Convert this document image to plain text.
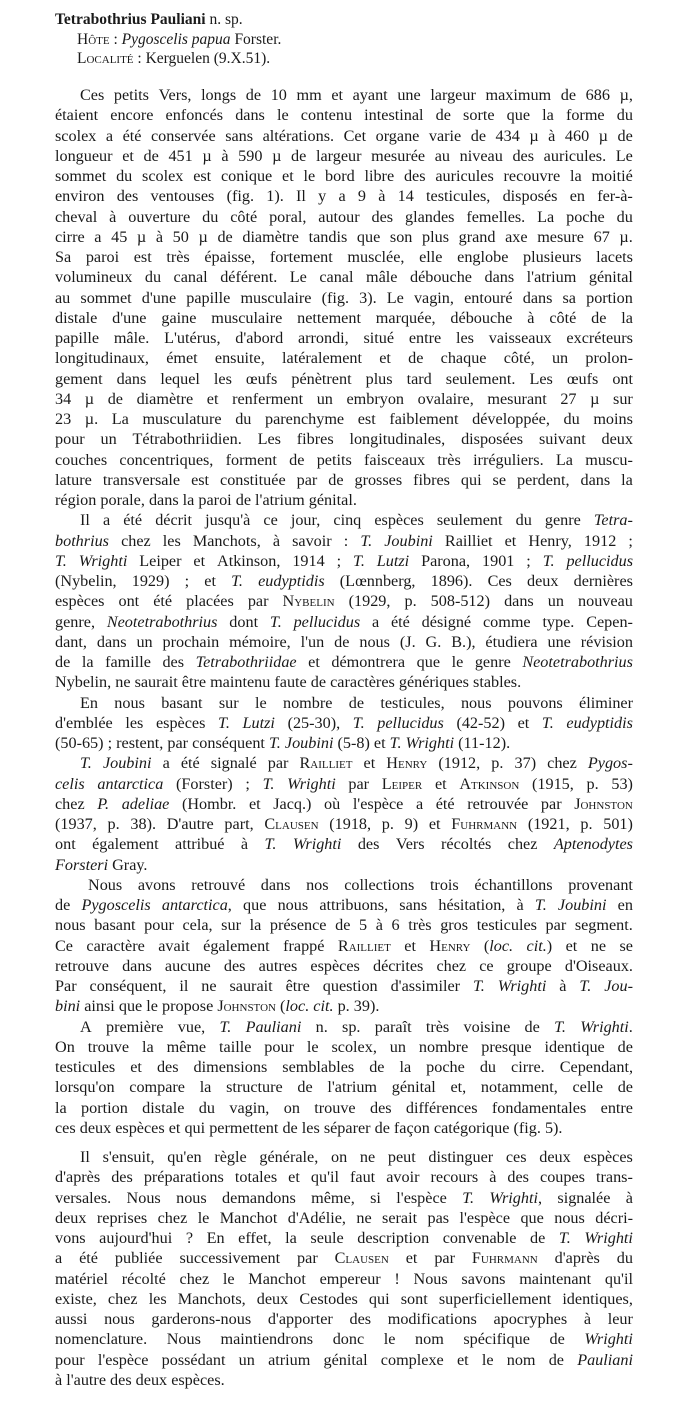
Tetrabothrius Pauliani n. sp.
Hôte : Pygoscelis papua Forster.
Localité : Kerguelen (9.X.51).
Ces petits Vers, longs de 10 mm et ayant une largeur maximum de 686 µ,
étaient encore enfoncés dans le contenu intestinal de sorte que la forme du
scolex a été conservée sans altérations. Cet organe varie de 434 µ à 460 µ de
longueur et de 451 µ à 590 µ de largeur mesurée au niveau des auricules. Le
sommet du scolex est conique et le bord libre des auricules recouvre la moitié
environ des ventouses (fig. 1). Il y a 9 à 14 testicules, disposés en fer-à-
cheval à ouverture du côté poral, autour des glandes femelles. La poche du
cirre a 45 µ à 50 µ de diamètre tandis que son plus grand axe mesure 67 µ.
Sa paroi est très épaisse, fortement musclée, elle englobe plusieurs lacets
volumineux du canal déférent. Le canal mâle débouche dans l'atrium génital
au sommet d'une papille musculaire (fig. 3). Le vagin, entouré dans sa portion
distale d'une gaine musculaire nettement marquée, débouche à côté de la
papille mâle. L'utérus, d'abord arrondi, situé entre les vaisseaux excréteurs
longitudinaux, émet ensuite, latéralement et de chaque côté, un prolon-
gement dans lequel les œufs pénètrent plus tard seulement. Les œufs ont
34 µ de diamètre et renferment un embryon ovalaire, mesurant 27 µ sur
23 µ. La musculature du parenchyme est faiblement développée, du moins
pour un Tétrabothriidien. Les fibres longitudinales, disposées suivant deux
couches concentriques, forment de petits faisceaux très irréguliers. La muscu-
lature transversale est constituée par de grosses fibres qui se perdent, dans la
région porale, dans la paroi de l'atrium génital.
Il a été décrit jusqu'à ce jour, cinq espèces seulement du genre Tetra-
bothrius chez les Manchots, à savoir : T. Joubini Railliet et Henry, 1912 ;
T. Wrighti Leiper et Atkinson, 1914 ; T. Lutzi Parona, 1901 ; T. pellucidus
(Nybelin, 1929) ; et T. eudyptidis (Lœnnberg, 1896). Ces deux dernières
espèces ont été placées par Nybelin (1929, p. 508-512) dans un nouveau
genre, Neotetrabothrius dont T. pellucidus a été désigné comme type. Cepen-
dant, dans un prochain mémoire, l'un de nous (J. G. B.), étudiera une révision
de la famille des Tetrabothriidae et démontrera que le genre Neotetrabothrius
Nybelin, ne saurait être maintenu faute de caractères génériques stables.
En nous basant sur le nombre de testicules, nous pouvons éliminer
d'emblée les espèces T. Lutzi (25-30), T. pellucidus (42-52) et T. eudyptidis
(50-65) ; restent, par conséquent T. Joubini (5-8) et T. Wrighti (11-12).
T. Joubini a été signalé par Railliet et Henry (1912, p. 37) chez Pygos-
celis antarctica (Forster) ; T. Wrighti par Leiper et Atkinson (1915, p. 53)
chez P. adeliae (Hombr. et Jacq.) où l'espèce a été retrouvée par Johnston
(1937, p. 38). D'autre part, Clausen (1918, p. 9) et Fuhrmann (1921, p. 501)
ont également attribué à T. Wrighti des Vers récoltés chez Aptenodytes
Forsteri Gray.
Nous avons retrouvé dans nos collections trois échantillons provenant
de Pygoscelis antarctica, que nous attribuons, sans hésitation, à T. Joubini en
nous basant pour cela, sur la présence de 5 à 6 très gros testicules par segment.
Ce caractère avait également frappé Railliet et Henry (loc. cit.) et ne se
retrouve dans aucune des autres espèces décrites chez ce groupe d'Oiseaux.
Par conséquent, il ne saurait être question d'assimiler T. Wrighti à T. Jou-
bini ainsi que le propose Johnston (loc. cit. p. 39).
A première vue, T. Pauliani n. sp. paraît très voisine de T. Wrighti.
On trouve la même taille pour le scolex, un nombre presque identique de
testicules et des dimensions semblables de la poche du cirre. Cependant,
lorsqu'on compare la structure de l'atrium génital et, notamment, celle de
la portion distale du vagin, on trouve des différences fondamentales entre
ces deux espèces et qui permettent de les séparer de façon catégorique (fig. 5).
Il s'ensuit, qu'en règle générale, on ne peut distinguer ces deux espèces
d'après des préparations totales et qu'il faut avoir recours à des coupes trans-
versales. Nous nous demandons même, si l'espèce T. Wrighti, signalée à
deux reprises chez le Manchot d'Adélie, ne serait pas l'espèce que nous décri-
vons aujourd'hui ? En effet, la seule description convenable de T. Wrighti
a été publiée successivement par Clausen et par Fuhrmann d'après du
matériel récolté chez le Manchot empereur ! Nous savons maintenant qu'il
existe, chez les Manchots, deux Cestodes qui sont superficiellement identiques,
aussi nous garderons-nous d'apporter des modifications apocryphes à leur
nomenclature. Nous maintiendrons donc le nom spécifique de Wrighti
pour l'espèce possédant un atrium génital complexe et le nom de Pauliani
à l'autre des deux espèces.
